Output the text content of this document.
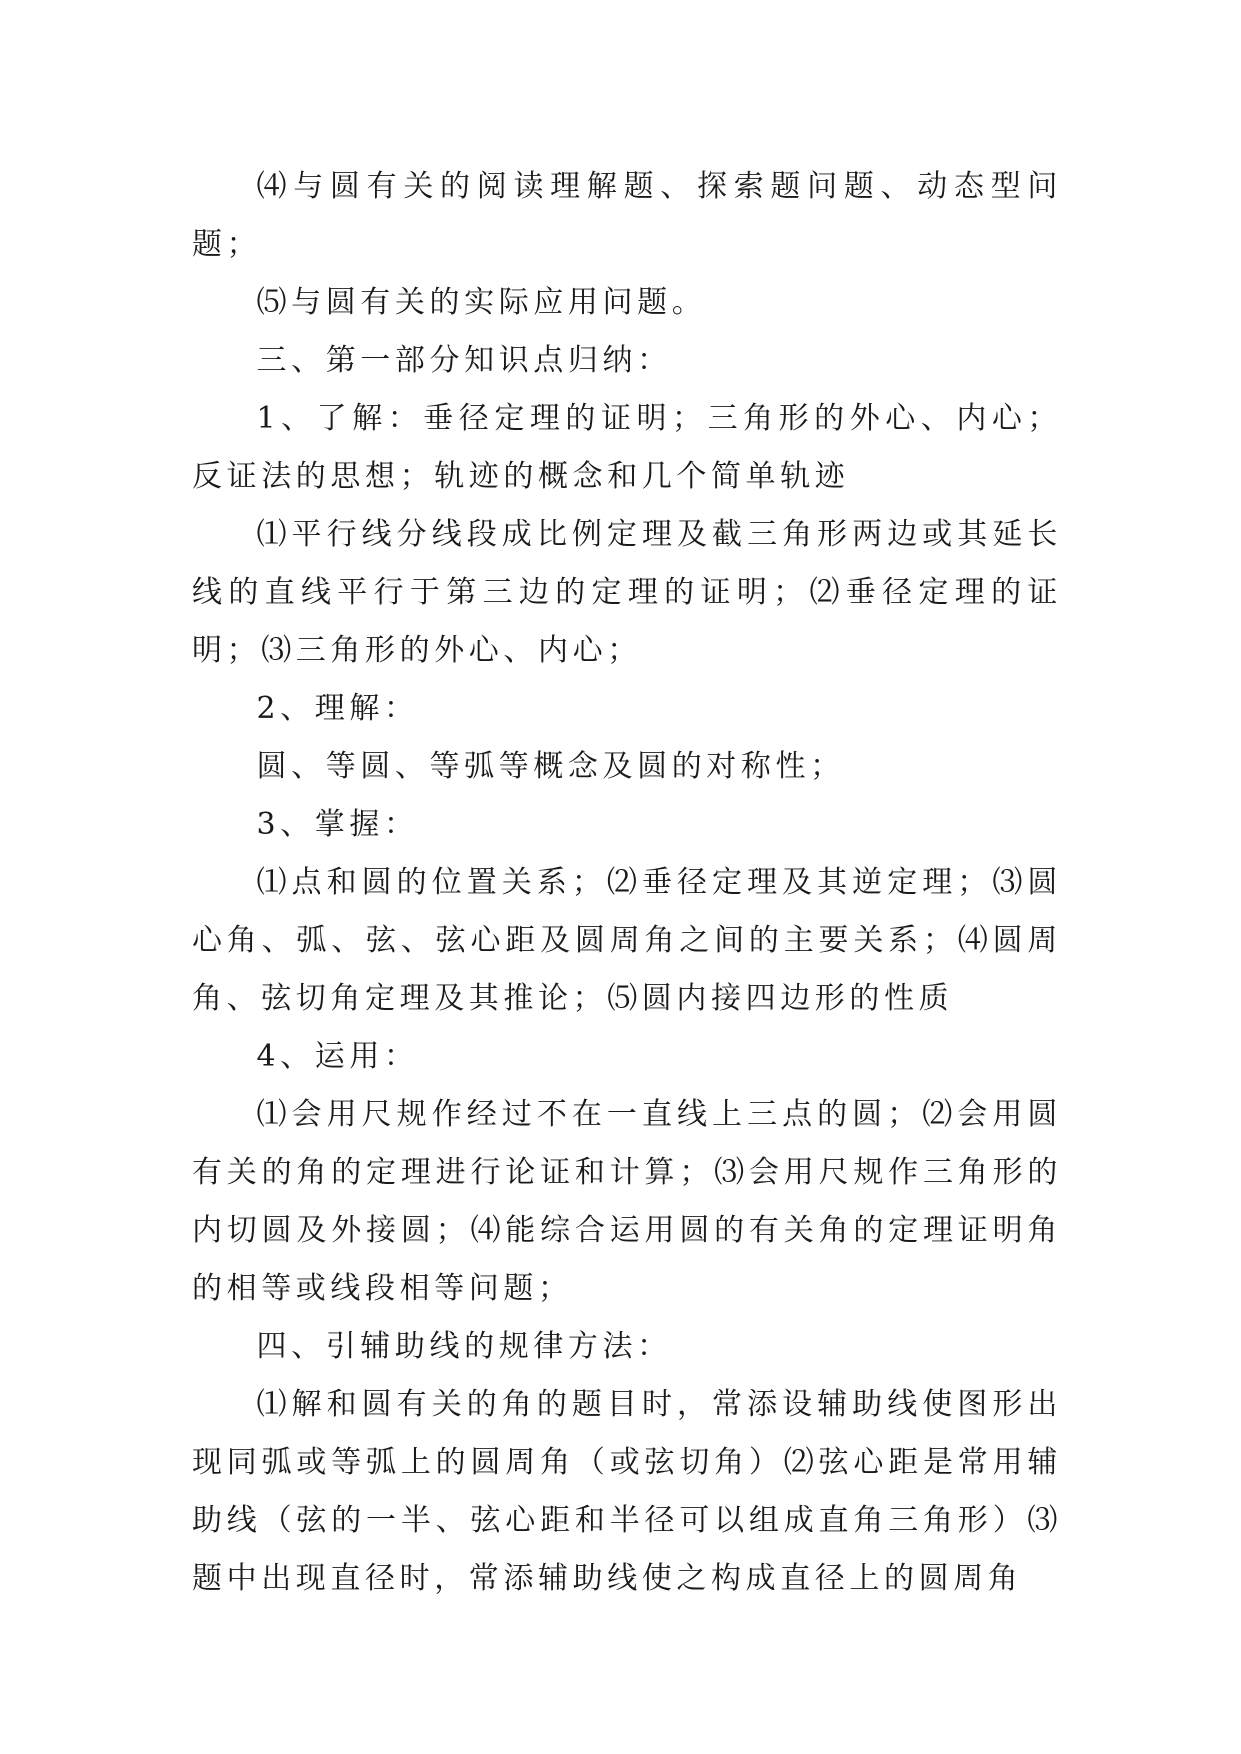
⑷与圆有关的阅读理解题、探索题问题、动态型问题；

⑸与圆有关的实际应用问题。

三、第一部分知识点归纳：

1、了解：垂径定理的证明；三角形的外心、内心；反证法的思想；轨迹的概念和几个简单轨迹

⑴平行线分线段成比例定理及截三角形两边或其延长线的直线平行于第三边的定理的证明；⑵垂径定理的证明；⑶三角形的外心、内心；

2、理解：

圆、等圆、等弧等概念及圆的对称性；

3、掌握：

⑴点和圆的位置关系；⑵垂径定理及其逆定理；⑶圆心角、弧、弦、弦心距及圆周角之间的主要关系；⑷圆周角、弦切角定理及其推论；⑸圆内接四边形的性质

4、运用：

⑴会用尺规作经过不在一直线上三点的圆；⑵会用圆有关的角的定理进行论证和计算；⑶会用尺规作三角形的内切圆及外接圆；⑷能综合运用圆的有关角的定理证明角的相等或线段相等问题；

四、引辅助线的规律方法：

⑴解和圆有关的角的题目时，常添设辅助线使图形出现同弧或等弧上的圆周角（或弦切角）⑵弦心距是常用辅助线（弦的一半、弦心距和半径可以组成直角三角形）⑶题中出现直径时，常添辅助线使之构成直径上的圆周角
